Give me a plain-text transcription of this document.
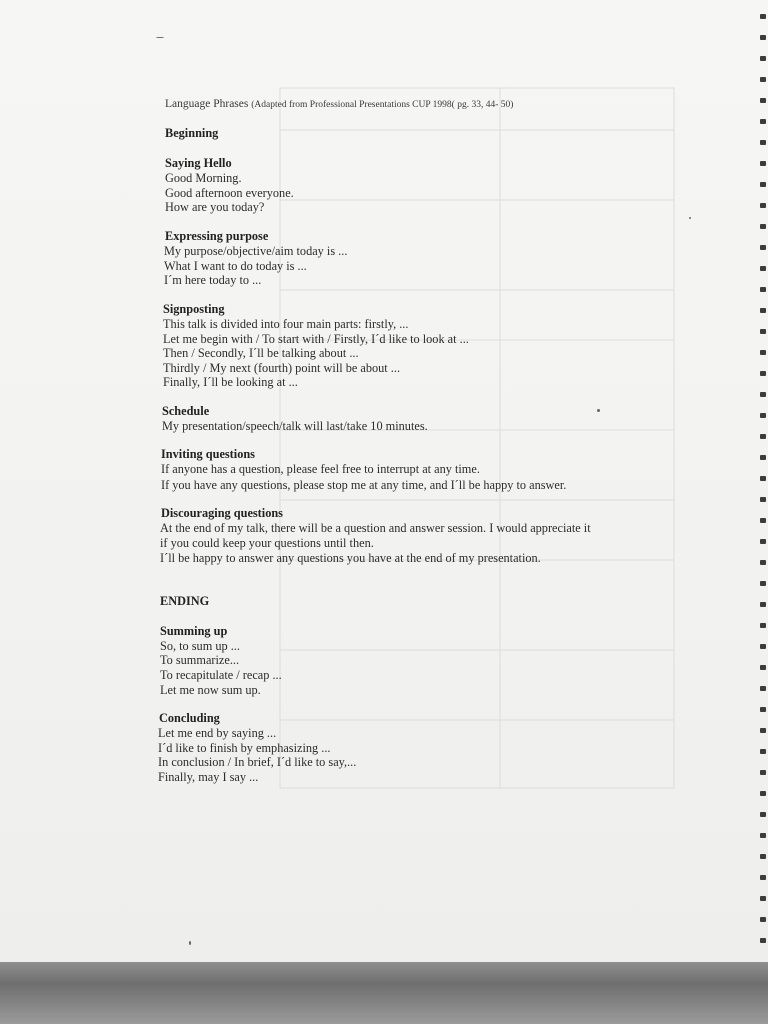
Language Phrases (Adapted from Professional Presentations CUP 1998( pg. 33, 44- 50)
Beginning
Saying Hello
Good Morning.
Good afternoon everyone.
How are you today?
Expressing purpose
My purpose/objective/aim today is ...
What I want to do today is ...
I´m here today to ...
Signposting
This talk is divided into four main parts: firstly, ...
Let me begin with / To start with / Firstly, I´d like to look at ...
Then / Secondly, I´ll be talking about ...
Thirdly / My next (fourth) point will be about ...
Finally, I´ll be looking at ...
Schedule
My presentation/speech/talk will last/take 10 minutes.
Inviting questions
If anyone has a question, please feel free to interrupt at any time.
If you have any questions, please stop me at any time, and I´ll be happy to answer.
Discouraging questions
At the end of my talk, there will be a question and answer session. I would appreciate it
if you could keep your questions until then.
I´ll be happy to answer any questions you have at the end of my presentation.
ENDING
Summing up
So, to sum up ...
To summarize...
To recapitulate / recap ...
Let me now sum up.
Concluding
Let me end by saying ...
I´d like to finish by emphasizing ...
In conclusion / In brief, I´d like to say,...
Finally, may I say ...
